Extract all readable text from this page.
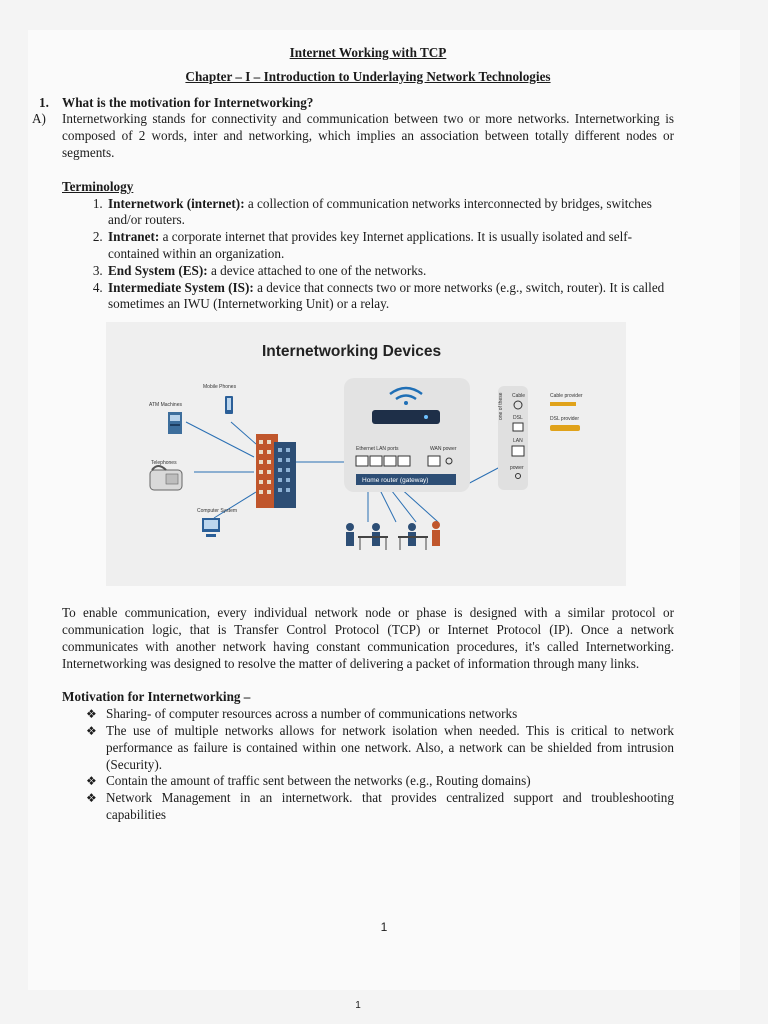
Internet Working with TCP
Chapter – I – Introduction to Underlaying Network Technologies
1. What is the motivation for Internetworking?
A) Internetworking stands for connectivity and communication between two or more networks. Internetworking is composed of 2 words, inter and networking, which implies an association between totally different nodes or segments.
Terminology
1. Internetwork (internet): a collection of communication networks interconnected by bridges, switches and/or routers.
2. Intranet: a corporate internet that provides key Internet applications. It is usually isolated and self-contained within an organization.
3. End System (ES): a device attached to one of the networks.
4. Intermediate System (IS): a device that connects two or more networks (e.g., switch, router). It is called sometimes an IWU (Internetworking Unit) or a relay.
Internetworking Devices
Mobile Phones
ATM Machines
Telephones
Computer System
Ethernet LAN ports	WAN power
Home router (gateway)
one of these Cable
DSL
LAN
power
Cable provider
DSL provider
To enable communication, every individual network node or phase is designed with a similar protocol or communication logic, that is Transfer Control Protocol (TCP) or Internet Protocol (IP). Once a network communicates with another network having constant communication procedures, it's called Internetworking. Internetworking was designed to resolve the matter of delivering a packet of information through many links.
Motivation for Internetworking –
❖ Sharing- of computer resources across a number of communications networks
❖ The use of multiple networks allows for network isolation when needed. This is critical to network performance as failure is contained within one network. Also, a network can be shielded from intrusion (Security).
❖ Contain the amount of traffic sent between the networks (e.g., Routing domains)
❖ Network Management in an internetwork. that provides centralized support and troubleshooting capabilities
1
1
